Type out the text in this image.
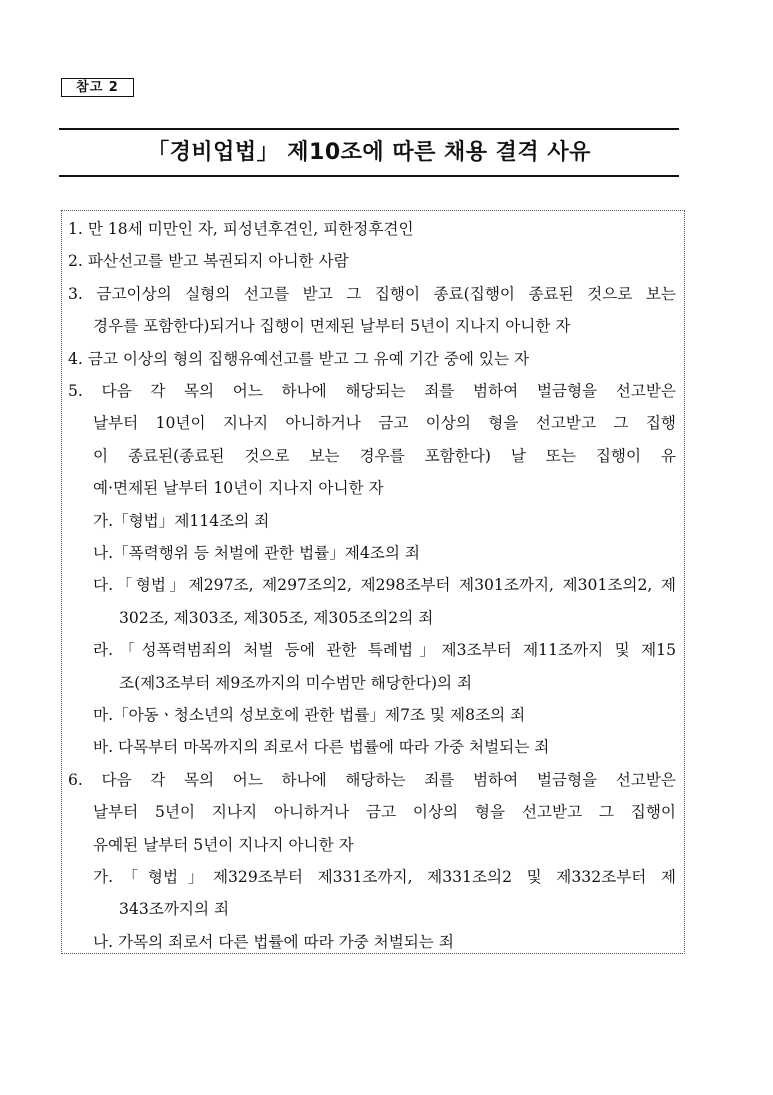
참고 2
「경비업법」 제10조에 따른 채용 결격 사유
1. 만 18세 미만인 자, 피성년후견인, 피한정후견인
2. 파산선고를 받고 복권되지 아니한 사람
3. 금고이상의 실형의 선고를 받고 그 집행이 종료(집행이 종료된 것으로 보는
경우를 포함한다)되거나 집행이 면제된 날부터 5년이 지나지 아니한 자
4. 금고 이상의 형의 집행유예선고를 받고 그 유예 기간 중에 있는 자
5. 다음 각 목의 어느 하나에 해당되는 죄를 범하여 벌금형을 선고받은
날부터 10년이 지나지 아니하거나 금고 이상의 형을 선고받고 그 집행
이 종료된(종료된 것으로 보는 경우를 포함한다) 날 또는 집행이 유
예·면제된 날부터 10년이 지나지 아니한 자
가.「형법」제114조의 죄
나.「폭력행위 등 처벌에 관한 법률」제4조의 죄
다.「형법」제297조, 제297조의2, 제298조부터 제301조까지, 제301조의2, 제
302조, 제303조, 제305조, 제305조의2의 죄
라.「성폭력범죄의 처벌 등에 관한 특례법」제3조부터 제11조까지 및 제15
조(제3조부터 제9조까지의 미수범만 해당한다)의 죄
마.「아동ㆍ청소년의 성보호에 관한 법률」제7조 및 제8조의 죄
바. 다목부터 마목까지의 죄로서 다른 법률에 따라 가중 처벌되는 죄
6. 다음 각 목의 어느 하나에 해당하는 죄를 범하여 벌금형을 선고받은
날부터 5년이 지나지 아니하거나 금고 이상의 형을 선고받고 그 집행이
유예된 날부터 5년이 지나지 아니한 자
가.「형법」제329조부터 제331조까지, 제331조의2 및 제332조부터 제
343조까지의 죄
나. 가목의 죄로서 다른 법률에 따라 가중 처벌되는 죄
